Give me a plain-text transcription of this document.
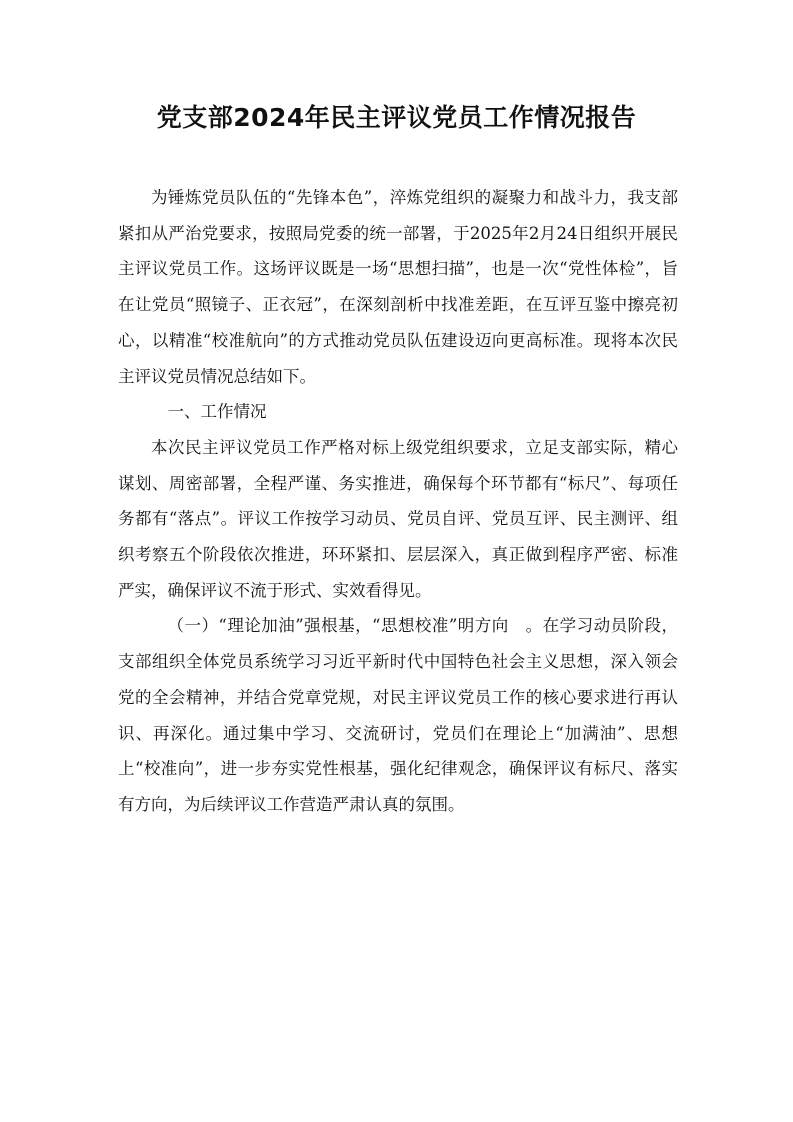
党支部2024年民主评议党员工作情况报告

为锤炼党员队伍的“先锋本色”，淬炼党组织的凝聚力和战斗力，我支部紧扣从严治党要求，按照局党委的统一部署，于2025年2月24日组织开展民主评议党员工作。这场评议既是一场“思想扫描”，也是一次“党性体检”，旨在让党员“照镜子、正衣冠”，在深刻剖析中找准差距，在互评互鉴中擦亮初心，以精准“校准航向”的方式推动党员队伍建设迈向更高标准。现将本次民主评议党员情况总结如下。

一、工作情况

本次民主评议党员工作严格对标上级党组织要求，立足支部实际，精心谋划、周密部署，全程严谨、务实推进，确保每个环节都有“标尺”、每项任务都有“落点”。评议工作按学习动员、党员自评、党员互评、民主测评、组织考察五个阶段依次推进，环环紧扣、层层深入，真正做到程序严密、标准严实，确保评议不流于形式、实效看得见。

（一）“理论加油”强根基，“思想校准”明方向　。在学习动员阶段，支部组织全体党员系统学习习近平新时代中国特色社会主义思想，深入领会党的全会精神，并结合党章党规，对民主评议党员工作的核心要求进行再认识、再深化。通过集中学习、交流研讨，党员们在理论上“加满油”、思想上“校准向”，进一步夯实党性根基，强化纪律观念，确保评议有标尺、落实有方向，为后续评议工作营造严肃认真的氛围。
